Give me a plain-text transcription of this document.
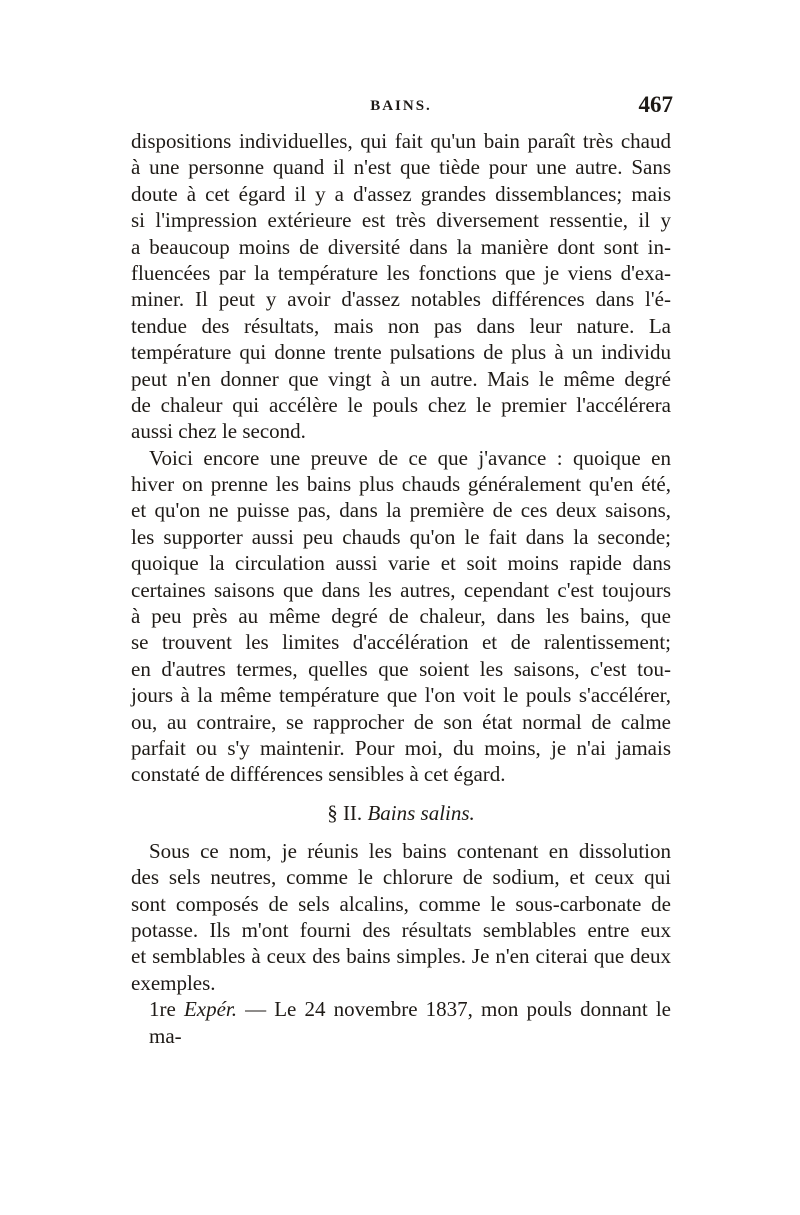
BAINS.	467
dispositions individuelles, qui fait qu'un bain paraît très chaud
à une personne quand il n'est que tiède pour une autre. Sans
doute à cet égard il y a d'assez grandes dissemblances; mais
si l'impression extérieure est très diversement ressentie, il y
a beaucoup moins de diversité dans la manière dont sont in-
fluencées par la température les fonctions que je viens d'exa-
miner. Il peut y avoir d'assez notables différences dans l'é-
tendue des résultats, mais non pas dans leur nature. La
température qui donne trente pulsations de plus à un individu
peut n'en donner que vingt à un autre. Mais le même degré
de chaleur qui accélère le pouls chez le premier l'accélérera
aussi chez le second.
Voici encore une preuve de ce que j'avance : quoique en
hiver on prenne les bains plus chauds généralement qu'en été,
et qu'on ne puisse pas, dans la première de ces deux saisons,
les supporter aussi peu chauds qu'on le fait dans la seconde;
quoique la circulation aussi varie et soit moins rapide dans
certaines saisons que dans les autres, cependant c'est toujours
à peu près au même degré de chaleur, dans les bains, que
se trouvent les limites d'accélération et de ralentissement;
en d'autres termes, quelles que soient les saisons, c'est tou-
jours à la même température que l'on voit le pouls s'accélérer,
ou, au contraire, se rapprocher de son état normal de calme
parfait ou s'y maintenir. Pour moi, du moins, je n'ai jamais
constaté de différences sensibles à cet égard.
§ II. Bains salins.
Sous ce nom, je réunis les bains contenant en dissolution
des sels neutres, comme le chlorure de sodium, et ceux qui
sont composés de sels alcalins, comme le sous-carbonate de
potasse. Ils m'ont fourni des résultats semblables entre eux
et semblables à ceux des bains simples. Je n'en citerai que deux
exemples.
1re Expér. — Le 24 novembre 1837, mon pouls donnant le ma-
